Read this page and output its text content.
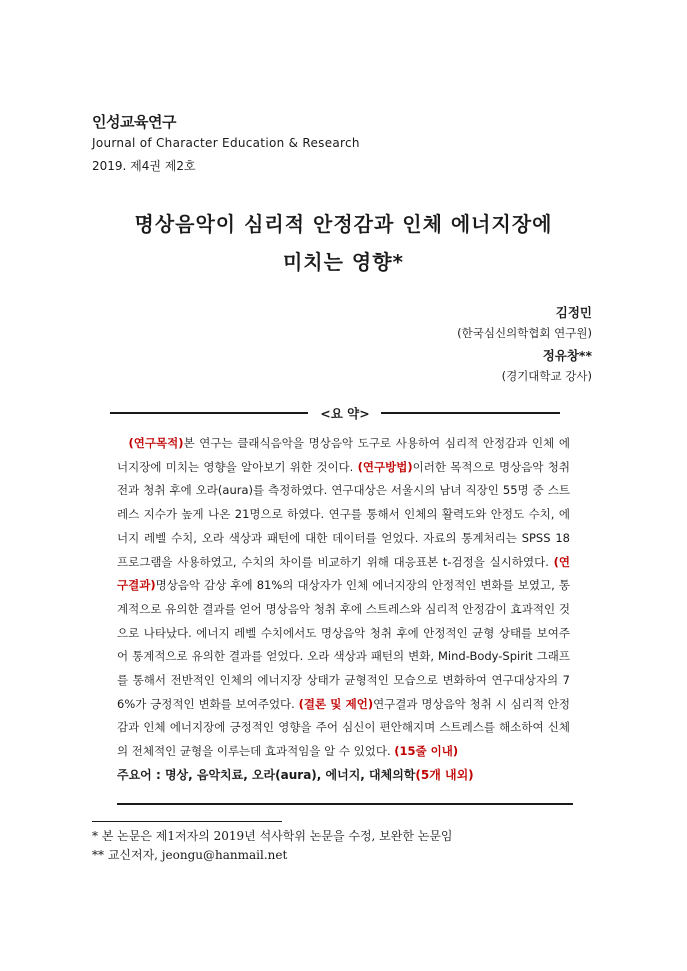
인성교육연구
Journal of Character Education & Research
2019. 제4권 제2호
명상음악이 심리적 안정감과 인체 에너지장에
미치는 영향*
김정민
(한국심신의학협회 연구원)
정유창**
(경기대학교 강사)
<요 약>

(연구목적)본 연구는 클래식음악을 명상음악 도구로 사용하여 심리적 안정감과 인체 에너지장에 미치는 영향을 알아보기 위한 것이다. (연구방법)이러한 목적으로 명상음악 청취 전과 청취 후에 오라(aura)를 측정하였다. 연구대상은 서울시의 남녀 직장인 55명 중 스트레스 지수가 높게 나온 21명으로 하였다. 연구를 통해서 인체의 활력도와 안정도 수치, 에너지 레벨 수치, 오라 색상과 패턴에 대한 데이터를 얻었다. 자료의 통계처리는 SPSS 18 프로그램을 사용하였고, 수치의 차이를 비교하기 위해 대응표본 t-검정을 실시하였다. (연구결과)명상음악 감상 후에 81%의 대상자가 인체 에너지장의 안정적인 변화를 보였고, 통계적으로 유의한 결과를 얻어 명상음악 청취 후에 스트레스와 심리적 안정감이 효과적인 것으로 나타났다. 에너지 레벨 수치에서도 명상음악 청취 후에 안정적인 균형 상태를 보여주어 통계적으로 유의한 결과를 얻었다. 오라 색상과 패턴의 변화, Mind-Body-Spirit 그래프를 통해서 전반적인 인체의 에너지장 상태가 균형적인 모습으로 변화하여 연구대상자의 76%가 긍정적인 변화를 보여주었다. (결론 및 제언)연구결과 명상음악 청취 시 심리적 안정감과 인체 에너지장에 긍정적인 영향을 주어 심신이 편안해지며 스트레스를 해소하여 신체의 전체적인 균형을 이루는데 효과적임을 알 수 있었다. (15줄 이내)

주요어 : 명상, 음악치료, 오라(aura), 에너지, 대체의학(5개 내외)
* 본 논문은 제1저자의 2019년 석사학위 논문을 수정, 보완한 논문임
** 교신저자, jeongu@hanmail.net
